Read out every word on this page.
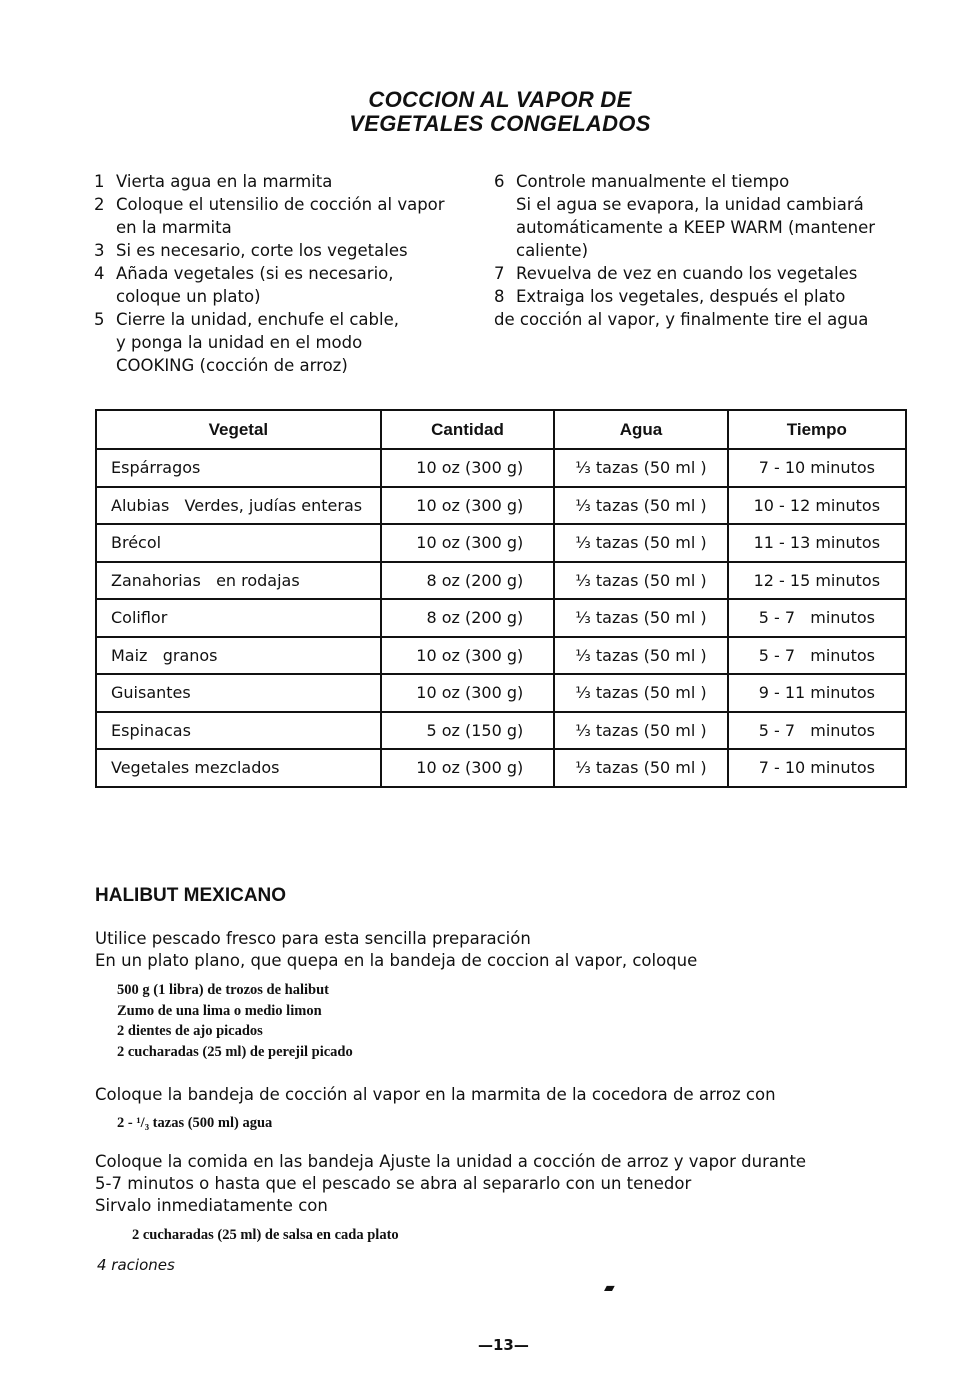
COCCION AL VAPOR DE
VEGETALES CONGELADOS
1 Vierta agua en la marmita
2 Coloque el utensilio de cocción al vapor
en la marmita
3 Si es necesario, corte los vegetales
4 Añada vegetales (si es necesario,
coloque un plato)
5 Cierre la unidad, enchufe el cable,
y ponga la unidad en el modo
COOKING (cocción de arroz)
6 Controle manualmente el tiempo
Si el agua se evapora, la unidad cambiará
automáticamente a KEEP WARM (mantener
caliente)
7 Revuelva de vez en cuando los vegetales
8 Extraiga los vegetales, después el plato
de cocción al vapor, y finalmente tire el agua
Vegetal	Cantidad	Agua	Tiempo
Espárragos	10 oz (300 g)	⅓ tazas (50 ml )	7 - 10 minutos
Alubias   Verdes, judías enteras	10 oz (300 g)	⅓ tazas (50 ml )	10 - 12 minutos
Brécol	10 oz (300 g)	⅓ tazas (50 ml )	11 - 13 minutos
Zanahorias   en rodajas	8 oz (200 g)	⅓ tazas (50 ml )	12 - 15 minutos
Coliflor	8 oz (200 g)	⅓ tazas (50 ml )	5 - 7   minutos
Maiz   granos	10 oz (300 g)	⅓ tazas (50 ml )	5 - 7   minutos
Guisantes	10 oz (300 g)	⅓ tazas (50 ml )	9 - 11 minutos
Espinacas	5 oz (150 g)	⅓ tazas (50 ml )	5 - 7   minutos
Vegetales mezclados	10 oz (300 g)	⅓ tazas (50 ml )	7 - 10 minutos
HALIBUT MEXICANO
Utilice pescado fresco para esta sencilla preparación
En un plato plano, que quepa en la bandeja de coccion al vapor, coloque
500 g (1 libra) de trozos de halibut
Zumo de una lima o medio limon
2 dientes de ajo picados
2 cucharadas (25 ml) de perejil picado
Coloque la bandeja de cocción al vapor en la marmita de la cocedora de arroz con
2 - ¹/₃ tazas (500 ml) agua
Coloque la comida en las bandeja Ajuste la unidad a cocción de arroz y vapor durante
5-7 minutos o hasta que el pescado se abra al separarlo con un tenedor
Sirvalo inmediatamente con
2 cucharadas (25 ml) de salsa en cada plato
4 raciones
▰
—13—
